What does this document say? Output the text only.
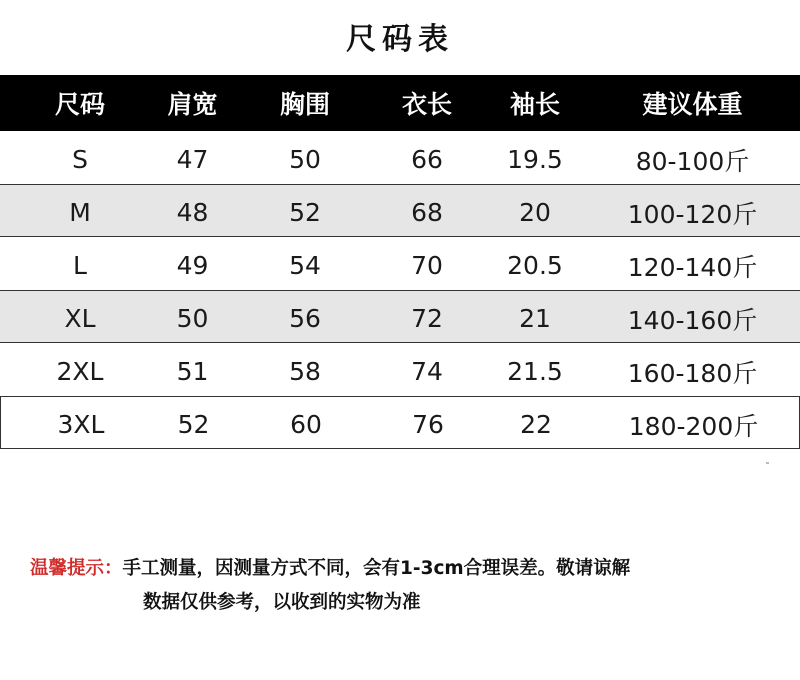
尺码表
尺码	肩宽	胸围	衣长	袖长	建议体重
S	47	50	66	19.5	80-100斤
M	48	52	68	20	100-120斤
L	49	54	70	20.5	120-140斤
XL	50	56	72	21	140-160斤
2XL	51	58	74	21.5	160-180斤
3XL	52	60	76	22	180-200斤
温馨提示：手工测量，因测量方式不同，会有1-3cm合理误差。敬请谅解
数据仅供参考，以收到的实物为准
